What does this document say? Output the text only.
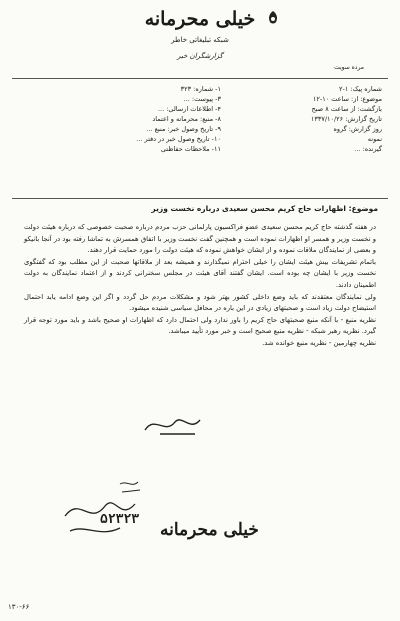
خیلی محرمانه
شبکه تبلیغاتی خاطر
گزارشگران خبر
مرده سویت
شماره پیک: ۱-۲
موضوع: از: ساعت ۱۰-۱۲
بازگشت: از ساعت ۸ صبح
تاریخ گزارش: ۱۳۳۷/۱۰/۲۶
روز گزارش: گروه
نمونه
گیرنده: ...
۱- شماره: ۳۲۳
۳- پیوست: ...
۴- اطلاعات ارسالی: ...
۸- منبع: محرمانه و اعتماد
۹- تاریخ وصول خبر: منبع ...
۱۰- تاریخ وصول خبر در دفتر ...
۱۱- ملاحظات حفاظتی
موضوع: اظهارات حاج کریم محسن سعیدی درباره نخست وزیر

در هفته گذشته حاج کریم محسن سعیدی عضو فراکسیون پارلمانی حزب مردم درباره صحبت خصوصی که درباره هیئت دولت و نخست وزیر و همسر او اظهارات نموده است و همچنین گفت نخست وزیر با اتفاق همسرش به تماشا رفته بود در آنجا بانیکو و بعضی از نمایندگان ملاقات نموده و از ایشان خواهش نموده که هیئت دولت را مورد حمایت قرار دهند.

باتمام تشریفات بیش هیئت ایشان را خیلی احترام نمیگذارند و همیشه بعد از ملاقاتها صحبت از این مطلب بود که گفتگوی نخست وزیر با ایشان چه بوده است. ایشان گفتند آقای هیئت در مجلس سخنرانی کردند و از اعتماد نمایندگان به دولت اطمینان دادند.

ولی نمایندگان معتقدند که باید وضع داخلی کشور بهتر شود و مشکلات مردم حل گردد و اگر این وضع ادامه یابد احتمال استیضاح دولت زیاد است و صحبتهای زیادی در این باره در محافل سیاسی شنیده میشود.

نظریه منبع - با آنکه منبع صحبتهای حاج کریم را باور ندارد ولی احتمال دارد که اظهارات او صحیح باشد و باید مورد توجه قرار گیرد. نظریه رهبر شبکه - نظریه منبع صحیح است و خبر مورد تأیید میباشد.

نظریه چهارمین - نظریه منبع خوانده شد.

۵۲۳۲۳
خیلی محرمانه
۱۳۰-۶۶
